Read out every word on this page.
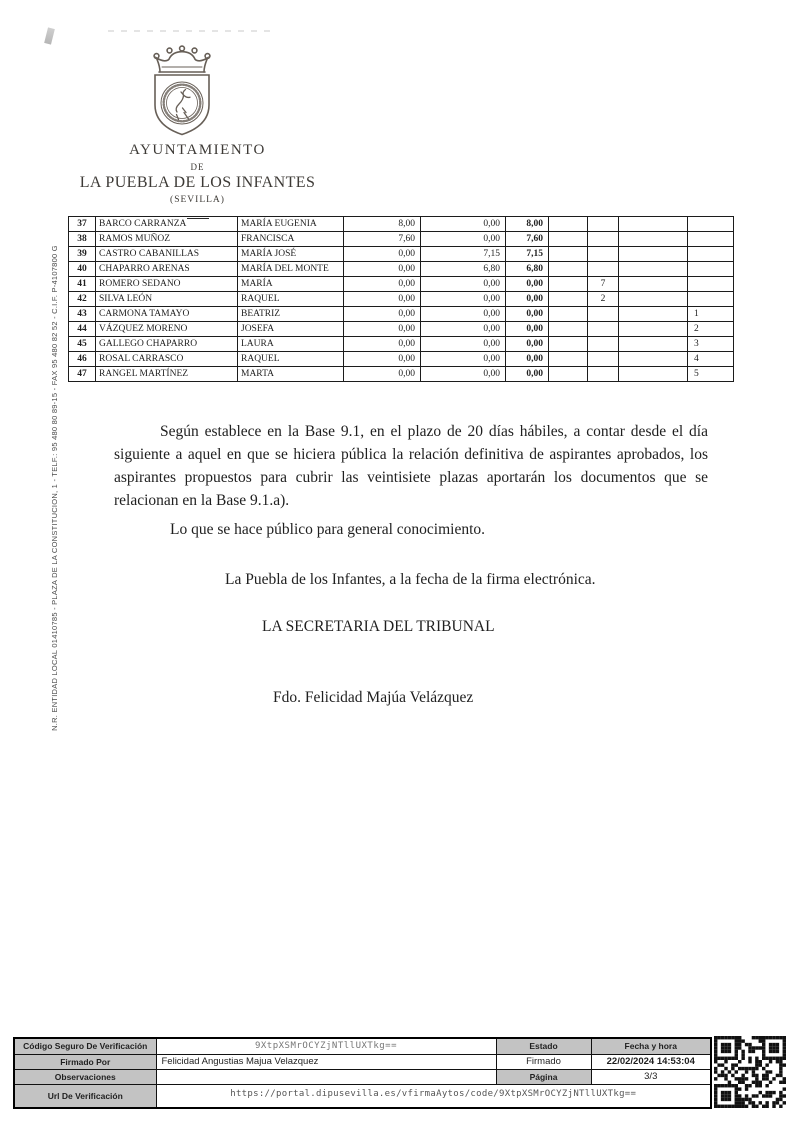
AYUNTAMIENTO
DE
LA PUEBLA DE LOS INFANTES
(SEVILLA)
N.R. ENTIDAD LOCAL 01410785 - PLAZA DE LA CONSTITUCION, 1 - TELF.: 95 480 80 89-15 - FAX 95 480 82 52 - C.I.F. P-4107800 G
37	BARCO CARRANZA	MARÍA EUGENIA	8,00	0,00	8,00				
38	RAMOS MUÑOZ	FRANCISCA	7,60	0,00	7,60				
39	CASTRO CABANILLAS	MARÍA JOSÉ	0,00	7,15	7,15				
40	CHAPARRO ARENAS	MARÍA DEL MONTE	0,00	6,80	6,80				
41	ROMERO SEDANO	MARÍA	0,00	0,00	0,00		7		
42	SILVA LEÓN	RAQUEL	0,00	0,00	0,00		2		
43	CARMONA TAMAYO	BEATRIZ	0,00	0,00	0,00				1
44	VÁZQUEZ MORENO	JOSEFA	0,00	0,00	0,00				2
45	GALLEGO CHAPARRO	LAURA	0,00	0,00	0,00				3
46	ROSAL CARRASCO	RAQUEL	0,00	0,00	0,00				4
47	RANGEL MARTÍNEZ	MARTA	0,00	0,00	0,00				5
Según establece en la Base 9.1, en el plazo de 20 días hábiles, a contar desde el día siguiente a aquel en que se hiciera pública la relación definitiva de aspirantes aprobados, los aspirantes propuestos para cubrir las veintisiete plazas aportarán los documentos que se relacionan en la Base 9.1.a).
Lo que se hace público para general conocimiento.
La Puebla de los Infantes, a la fecha de la firma electrónica.
LA SECRETARIA DEL TRIBUNAL
Fdo. Felicidad Majúa Velázquez
Código Seguro De Verificación	9XtpXSMrOCYZjNTllUXTkg==	Estado	Fecha y hora
Firmado Por	Felicidad Angustias Majua Velazquez	Firmado	22/02/2024 14:53:04
Observaciones		Página	3/3
Url De Verificación	https://portal.dipusevilla.es/vfirmaAytos/code/9XtpXSMrOCYZjNTllUXTkg==		
